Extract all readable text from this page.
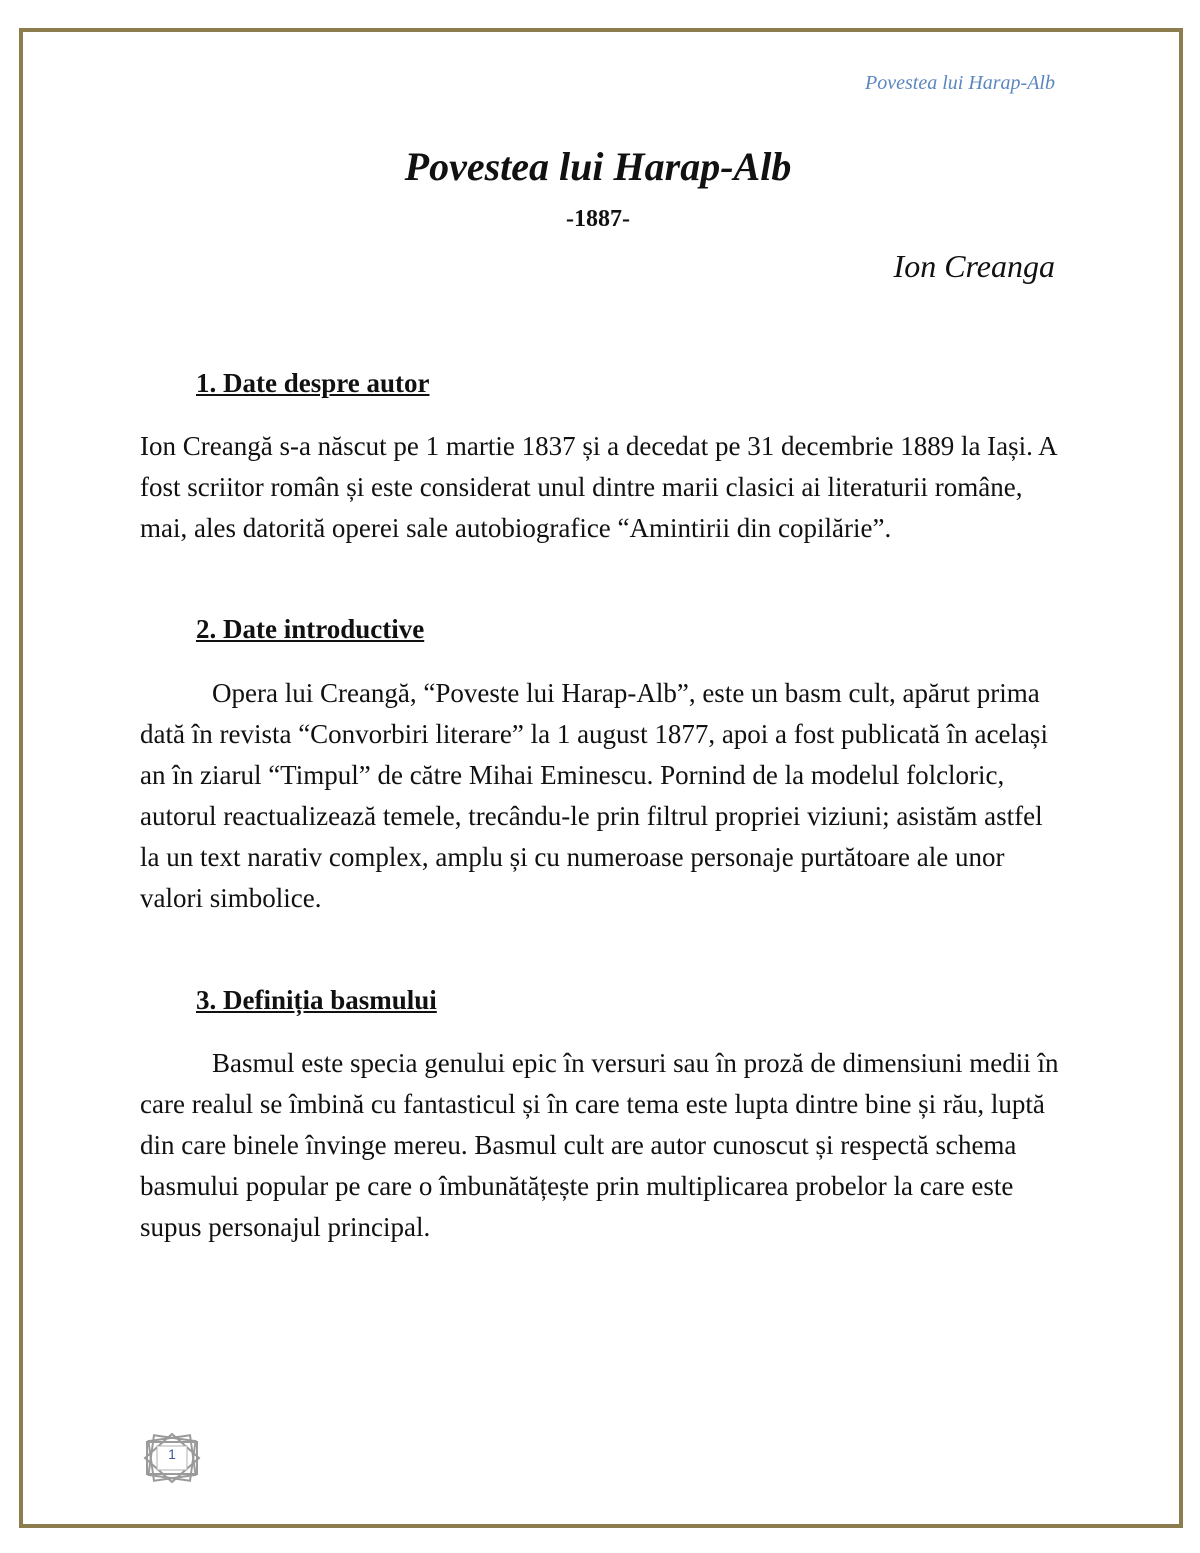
Povestea lui Harap-Alb
Povestea lui Harap-Alb
-1887-
Ion Creanga
1. Date despre autor

Ion Creangă s-a născut pe 1 martie 1837 și a decedat pe 31 decembrie 1889 la Iași. A fost scriitor român și este considerat unul dintre marii clasici ai literaturii române, mai, ales datorită operei sale autobiografice “Amintirii din copilărie”.

2. Date introductive

Opera lui Creangă, “Poveste lui Harap-Alb”, este un basm cult, apărut prima dată în revista “Convorbiri literare” la 1 august 1877, apoi a fost publicată în același an în ziarul “Timpul” de către Mihai Eminescu. Pornind de la modelul folcloric, autorul reactualizează temele, trecându-le prin filtrul propriei viziuni; asistăm astfel la un text narativ complex, amplu și cu numeroase personaje purtătoare ale unor valori simbolice.

3. Definiția basmului

Basmul este specia genului epic în versuri sau în proză de dimensiuni medii în care realul se îmbină cu fantasticul și în care tema este lupta dintre bine și rău, luptă din care binele învinge mereu. Basmul cult are autor cunoscut și respectă schema basmului popular pe care o îmbunătățește prin multiplicarea probelor la care este supus personajul principal.

1
